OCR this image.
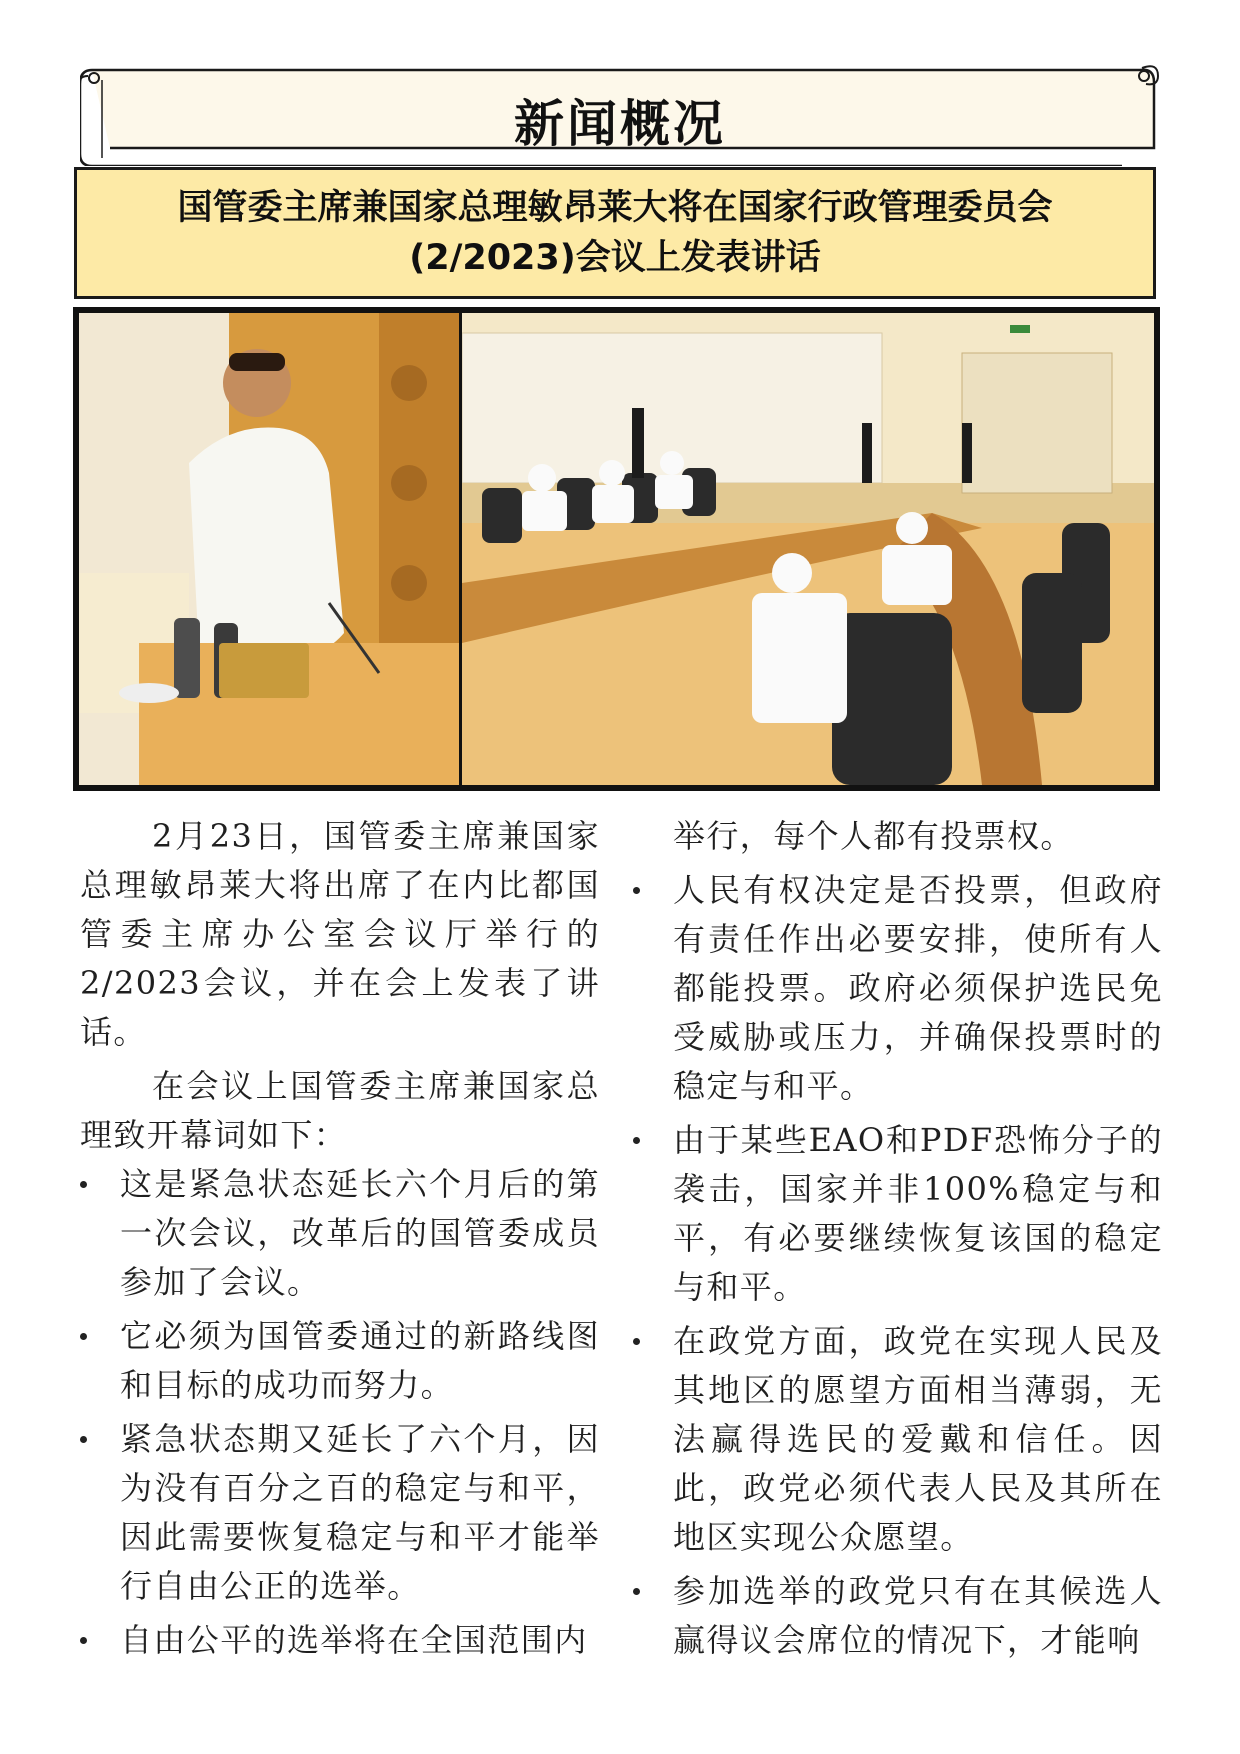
新闻概况
国管委主席兼国家总理敏昂莱大将在国家行政管理委员会
(2/2023)会议上发表讲话

2月23日，国管委主席兼国家总理敏昂莱大将出席了在内比都国管委主席办公室会议厅举行的2/2023会议，并在会上发表了讲话。

在会议上国管委主席兼国家总理致开幕词如下：

这是紧急状态延长六个月后的第一次会议，改革后的国管委成员参加了会议。
它必须为国管委通过的新路线图和目标的成功而努力。
紧急状态期又延长了六个月，因为没有百分之百的稳定与和平，因此需要恢复稳定与和平才能举行自由公正的选举。
自由公平的选举将在全国范围内

举行，每个人都有投票权。

人民有权决定是否投票，但政府有责任作出必要安排，使所有人都能投票。政府必须保护选民免受威胁或压力，并确保投票时的稳定与和平。
由于某些EAO和PDF恐怖分子的袭击，国家并非100%稳定与和平，有必要继续恢复该国的稳定与和平。
在政党方面，政党在实现人民及其地区的愿望方面相当薄弱，无法赢得选民的爱戴和信任。因此，政党必须代表人民及其所在地区实现公众愿望。
参加选举的政党只有在其候选人赢得议会席位的情况下，才能响
